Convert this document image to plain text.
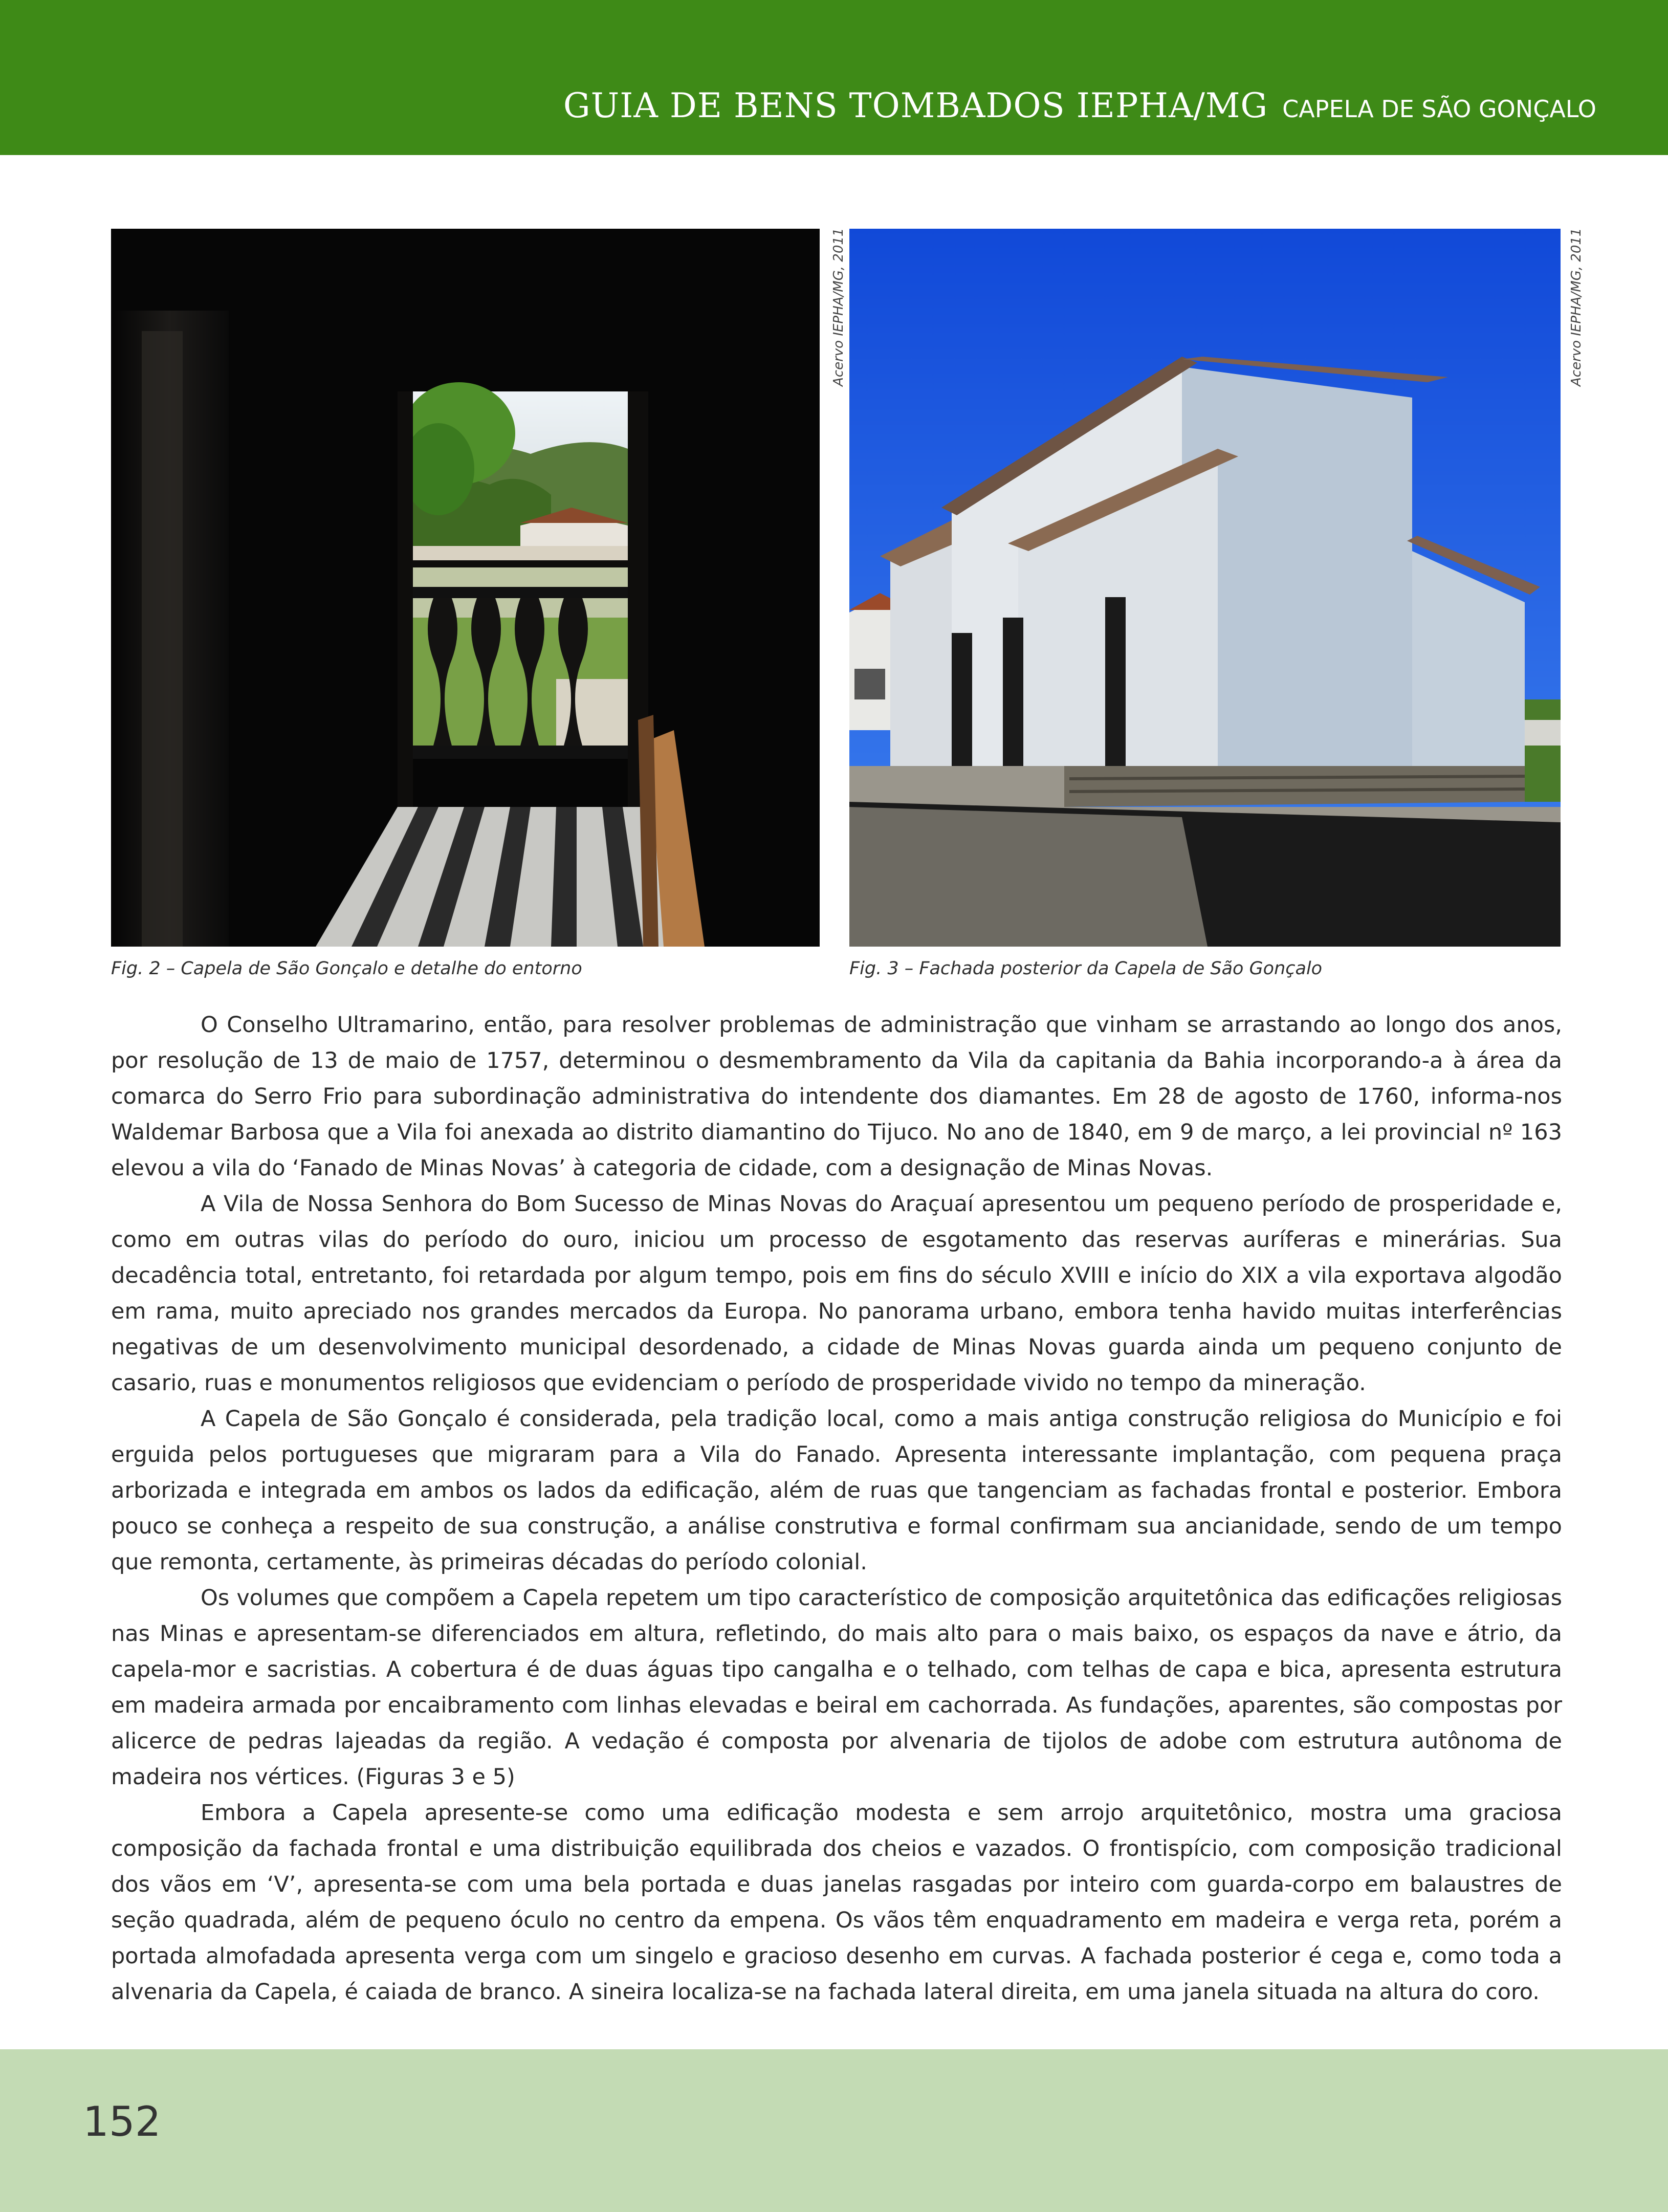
GUIA DE BENS TOMBADOS IEPHA/MG CAPELA DE SÃO GONÇALO
Acervo IEPHA/MG, 2011	Acervo IEPHA/MG, 2011
Fig. 2 – Capela de São Gonçalo e detalhe do entorno	Fig. 3 – Fachada posterior da Capela de São Gonçalo

O Conselho Ultramarino, então, para resolver problemas de administração que vinham se arrastando ao longo dos anos, por resolução de 13 de maio de 1757, determinou o desmembramento da Vila da capitania da Bahia incorporando-a à área da comarca do Serro Frio para subordinação administrativa do intendente dos diamantes. Em 28 de agosto de 1760, informa-nos Waldemar Barbosa que a Vila foi anexada ao distrito diamantino do Tijuco. No ano de 1840, em 9 de março, a lei provincial nº 163 elevou a vila do ‘Fanado de Minas Novas’ à categoria de cidade, com a designação de Minas Novas.

A Vila de Nossa Senhora do Bom Sucesso de Minas Novas do Araçuaí apresentou um pequeno período de prosperidade e, como em outras vilas do período do ouro, iniciou um processo de esgotamento das reservas auríferas e minerárias. Sua decadência total, entretanto, foi retardada por algum tempo, pois em fins do século XVIII e início do XIX a vila exportava algodão em rama, muito apreciado nos grandes mercados da Europa. No panorama urbano, embora tenha havido muitas interferências negativas de um desenvolvimento municipal desordenado, a cidade de Minas Novas guarda ainda um pequeno conjunto de casario, ruas e monumentos religiosos que evidenciam o período de prosperidade vivido no tempo da mineração.

A Capela de São Gonçalo é considerada, pela tradição local, como a mais antiga construção religiosa do Município e foi erguida pelos portugueses que migraram para a Vila do Fanado. Apresenta interessante implantação, com pequena praça arborizada e integrada em ambos os lados da edificação, além de ruas que tangenciam as fachadas frontal e posterior. Embora pouco se conheça a respeito de sua construção, a análise construtiva e formal confirmam sua ancianidade, sendo de um tempo que remonta, certamente, às primeiras décadas do período colonial.

Os volumes que compõem a Capela repetem um tipo característico de composição arquitetônica das edificações religiosas nas Minas e apresentam-se diferenciados em altura, refletindo, do mais alto para o mais baixo, os espaços da nave e átrio, da capela-mor e sacristias. A cobertura é de duas águas tipo cangalha e o telhado, com telhas de capa e bica, apresenta estrutura em madeira armada por encaibramento com linhas elevadas e beiral em cachorrada. As fundações, aparentes, são compostas por alicerce de pedras lajeadas da região. A vedação é composta por alvenaria de tijolos de adobe com estrutura autônoma de madeira nos vértices. (Figuras 3 e 5)

Embora a Capela apresente-se como uma edificação modesta e sem arrojo arquitetônico, mostra uma graciosa composição da fachada frontal e uma distribuição equilibrada dos cheios e vazados. O frontispício, com composição tradicional dos vãos em ‘V’, apresenta-se com uma bela portada e duas janelas rasgadas por inteiro com guarda-corpo em balaustres de seção quadrada, além de pequeno óculo no centro da empena. Os vãos têm enquadramento em madeira e verga reta, porém a portada almofadada apresenta verga com um singelo e gracioso desenho em curvas. A fachada posterior é cega e, como toda a alvenaria da Capela, é caiada de branco. A sineira localiza-se na fachada lateral direita, em uma janela situada na altura do coro.

152
